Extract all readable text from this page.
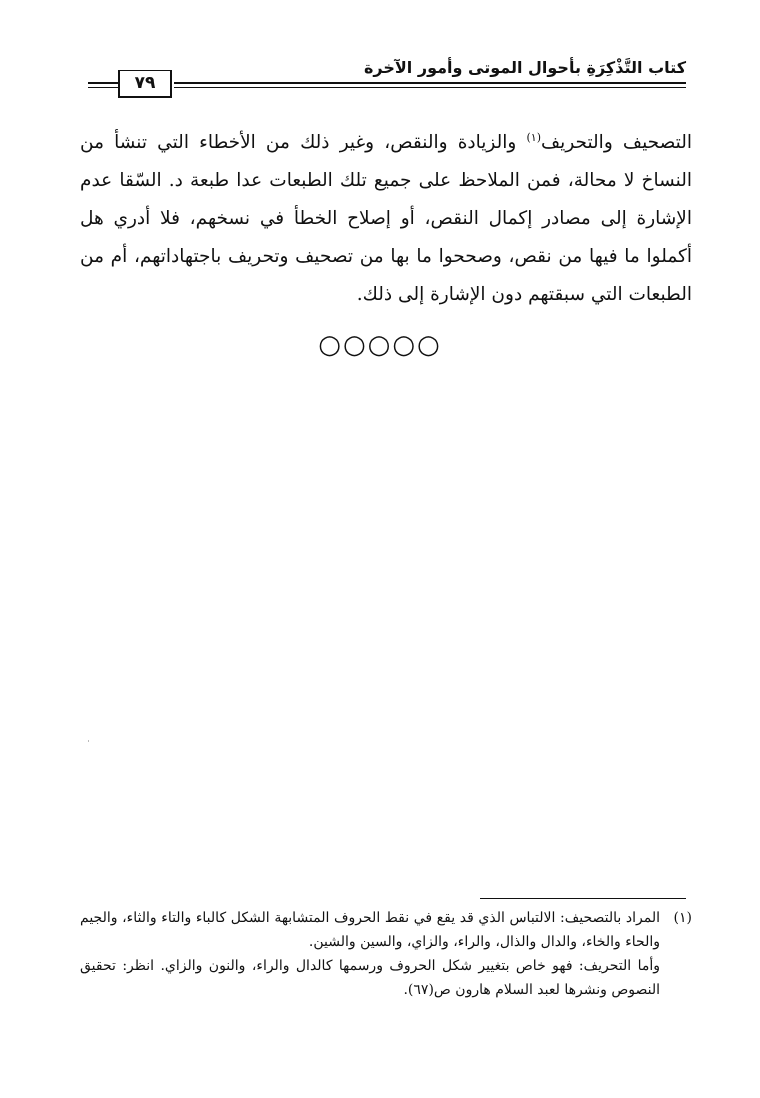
كتاب التَّذْكِرَةِ بأحوال الموتى وأمور الآخرة
٧٩

التصحيف والتحريف$^{(١)}$ والزيادة والنقص، وغير ذلك من الأخطاء التي تنشأ من النساخ لا محالة، فمن الملاحظ على جميع تلك الطبعات عدا طبعة د. السّقا عدم الإشارة إلى مصادر إكمال النقص، أو إصلاح الخطأ في نسخهم، فلا أدري هل أكملوا ما فيها من نقص، وصححوا ما بها من تصحيف وتحريف باجتهاداتهم، أم من الطبعات التي سبقتهم دون الإشارة إلى ذلك.

○○○○○

(١)المراد بالتصحيف: الالتباس الذي قد يقع في نقط الحروف المتشابهة الشكل كالباء والتاء والثاء، والجيم والحاء والخاء، والدال والذال، والراء، والزاي، والسين والشين.

وأما التحريف: فهو خاص بتغيير شكل الحروف ورسمها كالدال والراء، والنون والزاي. انظر: تحقيق النصوص ونشرها لعبد السلام هارون ص(٦٧).
